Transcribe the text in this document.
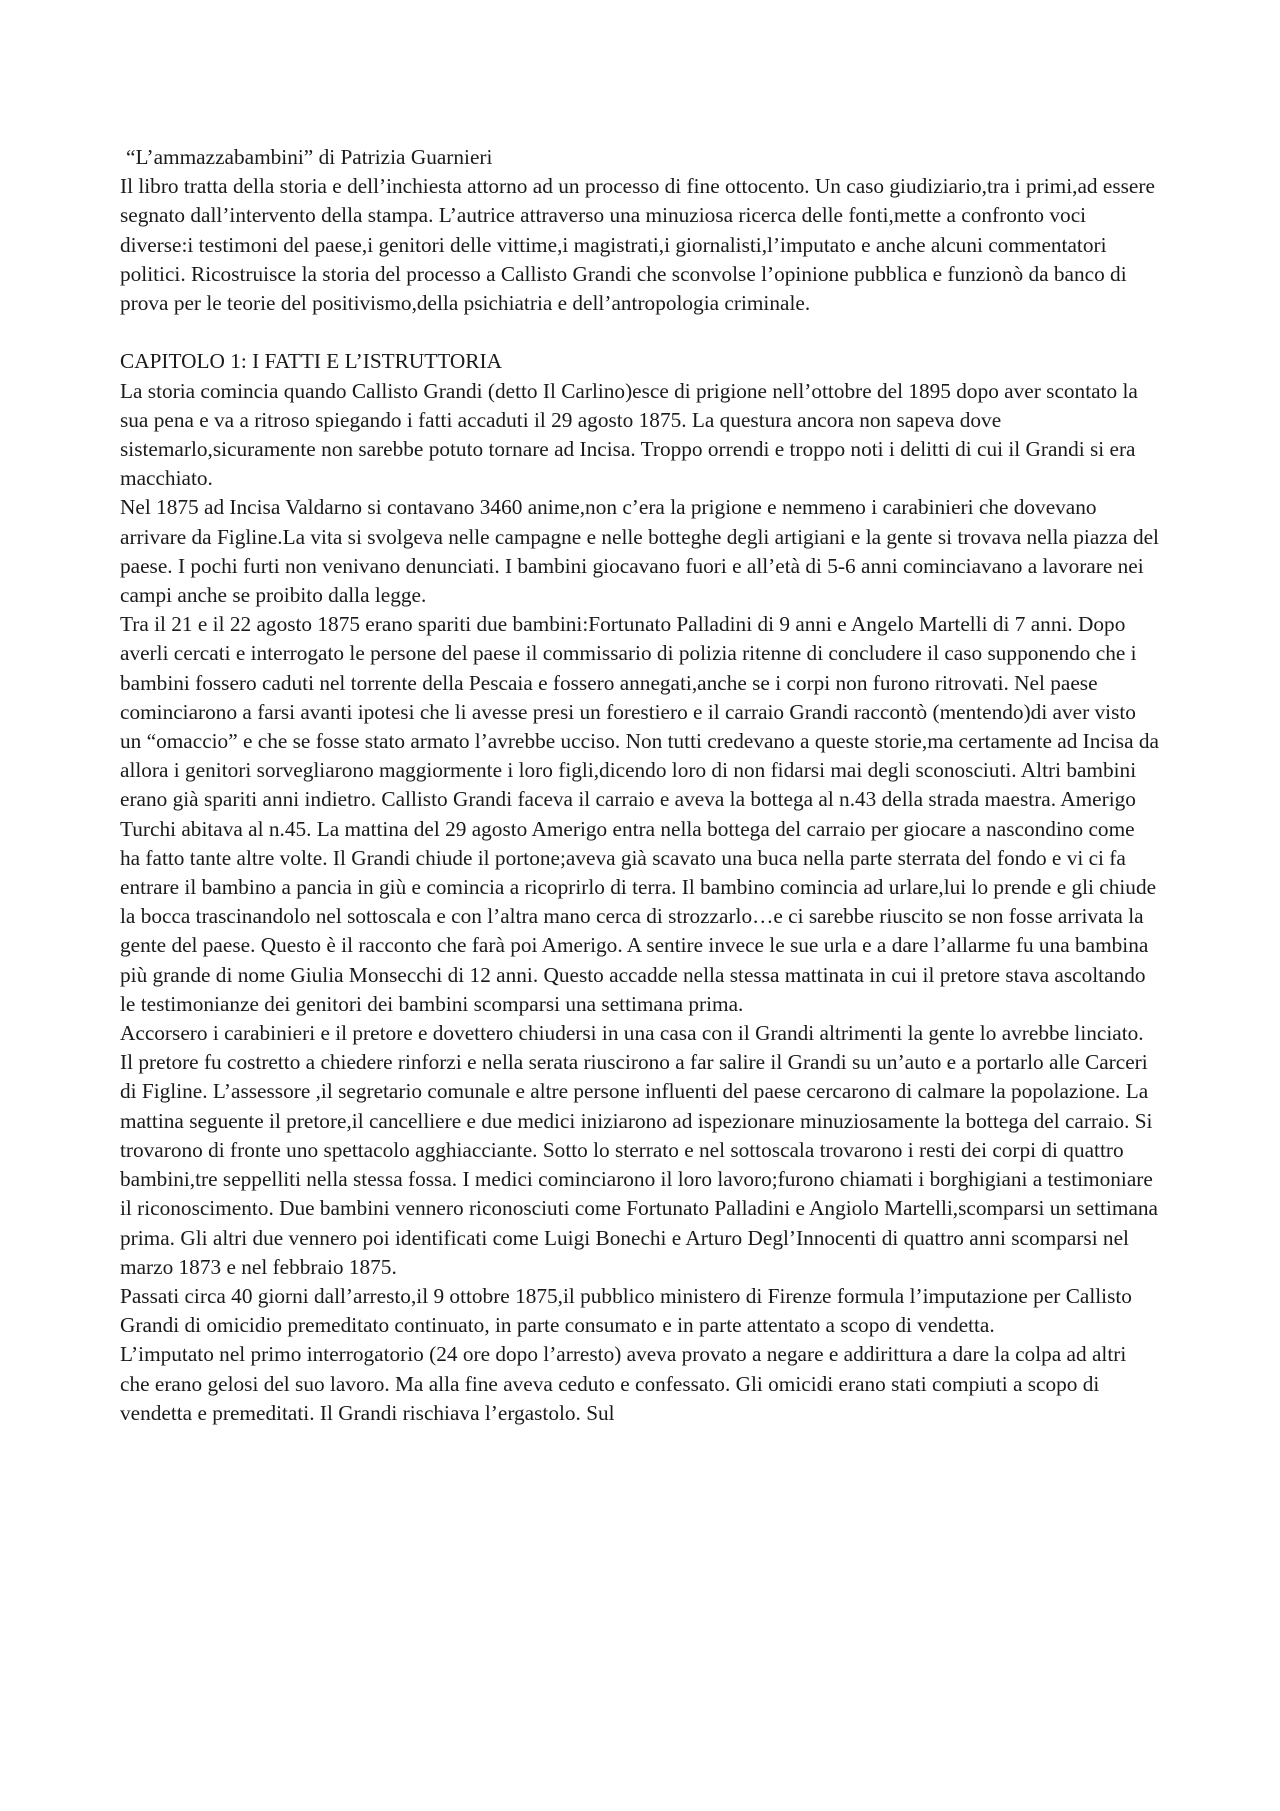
“L’ammazzabambini” di Patrizia Guarnieri

Il libro tratta della storia e dell’inchiesta attorno ad un processo di fine ottocento. Un caso giudiziario,tra i primi,ad essere segnato dall’intervento della stampa. L’autrice attraverso una minuziosa ricerca delle fonti,mette a confronto voci diverse:i testimoni del paese,i genitori delle vittime,i magistrati,i giornalisti,l’imputato e anche alcuni commentatori politici. Ricostruisce la storia del processo a Callisto Grandi che sconvolse l’opinione pubblica e funzionò da banco di prova per le teorie del positivismo,della psichiatria e dell’antropologia criminale.

CAPITOLO 1: I FATTI E L’ISTRUTTORIA

La storia comincia quando Callisto Grandi (detto Il Carlino)esce di prigione nell’ottobre del 1895 dopo aver scontato la sua pena e va a ritroso spiegando i fatti accaduti il 29 agosto 1875. La questura ancora non sapeva dove sistemarlo,sicuramente non sarebbe potuto tornare ad Incisa. Troppo orrendi e troppo noti i delitti di cui il Grandi si era macchiato.

Nel 1875 ad Incisa Valdarno si contavano 3460 anime,non c’era la prigione e nemmeno i carabinieri che dovevano arrivare da Figline.La vita si svolgeva nelle campagne e nelle botteghe degli artigiani e la gente si trovava nella piazza del paese. I pochi furti non venivano denunciati. I bambini giocavano fuori e all’età di 5-6 anni cominciavano a lavorare nei campi anche se proibito dalla legge.

Tra il 21 e il 22 agosto 1875 erano spariti due bambini:Fortunato Palladini di 9 anni e Angelo Martelli di 7 anni. Dopo averli cercati e interrogato le persone del paese il commissario di polizia ritenne di concludere il caso supponendo che i bambini fossero caduti nel torrente della Pescaia e fossero annegati,anche se i corpi non furono ritrovati. Nel paese cominciarono a farsi avanti ipotesi che li avesse presi un forestiero e il carraio Grandi raccontò (mentendo)di aver visto un “omaccio” e che se fosse stato armato l’avrebbe ucciso. Non tutti credevano a queste storie,ma certamente ad Incisa da allora i genitori sorvegliarono maggiormente i loro figli,dicendo loro di non fidarsi mai degli sconosciuti. Altri bambini erano già spariti anni indietro. Callisto Grandi faceva il carraio e aveva la bottega al n.43 della strada maestra. Amerigo Turchi abitava al n.45. La mattina del 29 agosto Amerigo entra nella bottega del carraio per giocare a nascondino come ha fatto tante altre volte. Il Grandi chiude il portone;aveva già scavato una buca nella parte sterrata del fondo e vi ci fa entrare il bambino a pancia in giù e comincia a ricoprirlo di terra. Il bambino comincia ad urlare,lui lo prende e gli chiude la bocca trascinandolo nel sottoscala e con l’altra mano cerca di strozzarlo…e ci sarebbe riuscito se non fosse arrivata la gente del paese. Questo è il racconto che farà poi Amerigo. A sentire invece le sue urla e a dare l’allarme fu una bambina più grande di nome Giulia Monsecchi di 12 anni. Questo accadde nella stessa mattinata in cui il pretore stava ascoltando le testimonianze dei genitori dei bambini scomparsi una settimana prima.

Accorsero i carabinieri e il pretore e dovettero chiudersi in una casa con il Grandi altrimenti la gente lo avrebbe linciato. Il pretore fu costretto a chiedere rinforzi e nella serata riuscirono a far salire il Grandi su un’auto e a portarlo alle Carceri di Figline. L’assessore ,il segretario comunale e altre persone influenti del paese cercarono di calmare la popolazione. La mattina seguente il pretore,il cancelliere e due medici iniziarono ad ispezionare minuziosamente la bottega del carraio. Si trovarono di fronte uno spettacolo agghiacciante. Sotto lo sterrato e nel sottoscala trovarono i resti dei corpi di quattro bambini,tre seppelliti nella stessa fossa. I medici cominciarono il loro lavoro;furono chiamati i borghigiani a testimoniare il riconoscimento. Due bambini vennero riconosciuti come Fortunato Palladini e Angiolo Martelli,scomparsi un settimana prima. Gli altri due vennero poi identificati come Luigi Bonechi e Arturo Degl’Innocenti di quattro anni scomparsi nel marzo 1873 e nel febbraio 1875.

Passati circa 40 giorni dall’arresto,il 9 ottobre 1875,il pubblico ministero di Firenze formula l’imputazione per Callisto Grandi di omicidio premeditato continuato, in parte consumato e in parte attentato a scopo di vendetta.

L’imputato nel primo interrogatorio (24 ore dopo l’arresto) aveva provato a negare e addirittura a dare la colpa ad altri che erano gelosi del suo lavoro. Ma alla fine aveva ceduto e confessato. Gli omicidi erano stati compiuti a scopo di vendetta e premeditati. Il Grandi rischiava l’ergastolo. Sul
